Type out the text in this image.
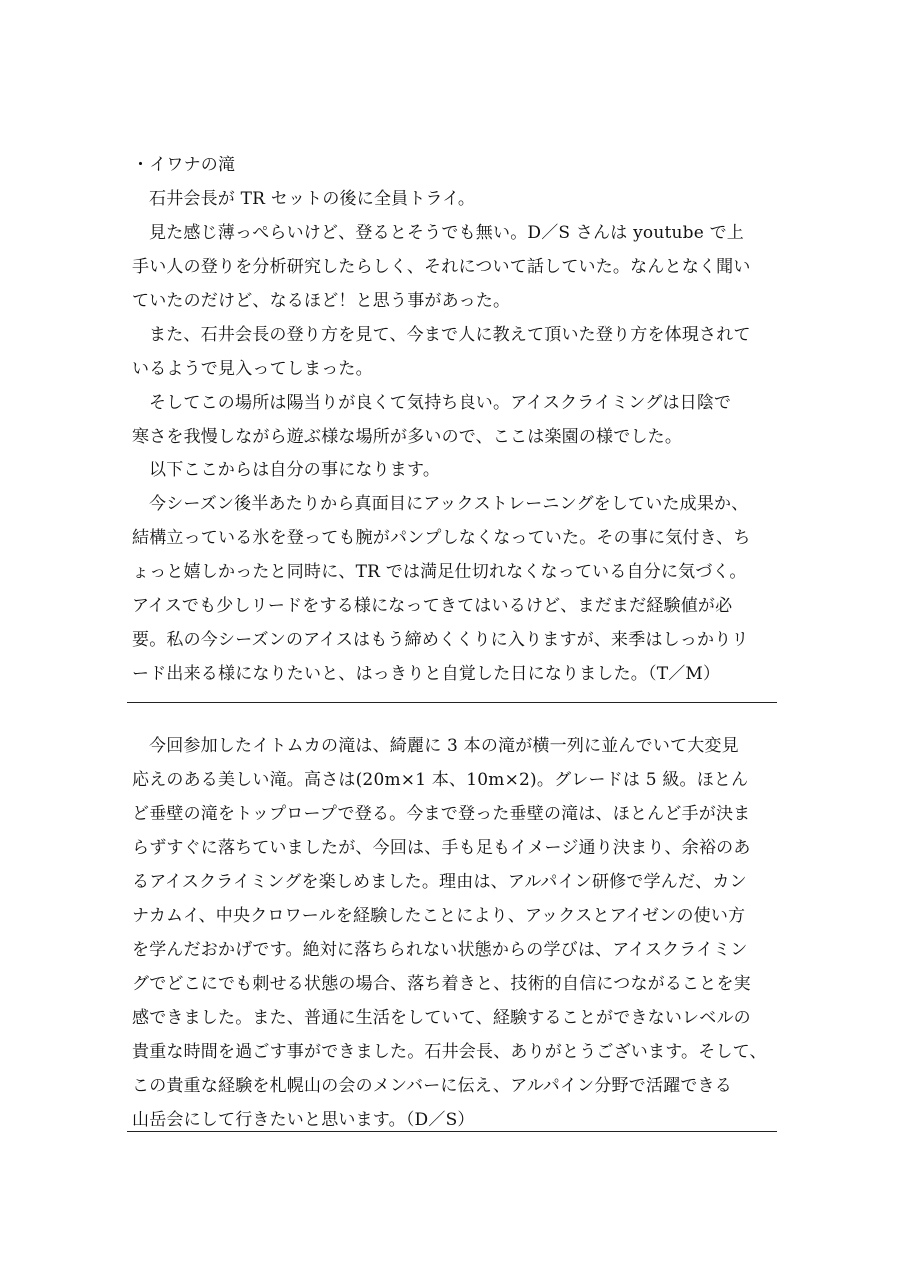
・イワナの滝
石井会長が TR セットの後に全員トライ。
見た感じ薄っぺらいけど、登るとそうでも無い。D／S さんは youtube で上
手い人の登りを分析研究したらしく、それについて話していた。なんとなく聞い
ていたのだけど、なるほど！と思う事があった。
また、石井会長の登り方を見て、今まで人に教えて頂いた登り方を体現されて
いるようで見入ってしまった。
そしてこの場所は陽当りが良くて気持ち良い。アイスクライミングは日陰で
寒さを我慢しながら遊ぶ様な場所が多いので、ここは楽園の様でした。
以下ここからは自分の事になります。
今シーズン後半あたりから真面目にアックストレーニングをしていた成果か、
結構立っている氷を登っても腕がパンプしなくなっていた。その事に気付き、ち
ょっと嬉しかったと同時に、TR では満足仕切れなくなっている自分に気づく。
アイスでも少しリードをする様になってきてはいるけど、まだまだ経験値が必
要。私の今シーズンのアイスはもう締めくくりに入りますが、来季はしっかりリ
ード出来る様になりたいと、はっきりと自覚した日になりました。（T／M）
今回参加したイトムカの滝は、綺麗に 3 本の滝が横一列に並んでいて大変見
応えのある美しい滝。高さは(20m×1 本、10m×2)。グレードは 5 級。ほとん
ど垂壁の滝をトップロープで登る。今まで登った垂壁の滝は、ほとんど手が決ま
らずすぐに落ちていましたが、今回は、手も足もイメージ通り決まり、余裕のあ
るアイスクライミングを楽しめました。理由は、アルパイン研修で学んだ、カン
ナカムイ、中央クロワールを経験したことにより、アックスとアイゼンの使い方
を学んだおかげです。絶対に落ちられない状態からの学びは、アイスクライミン
グでどこにでも刺せる状態の場合、落ち着きと、技術的自信につながることを実
感できました。また、普通に生活をしていて、経験することができないレベルの
貴重な時間を過ごす事ができました。石井会長、ありがとうございます。そして、
この貴重な経験を札幌山の会のメンバーに伝え、アルパイン分野で活躍できる
山岳会にして行きたいと思います。（D／S）
